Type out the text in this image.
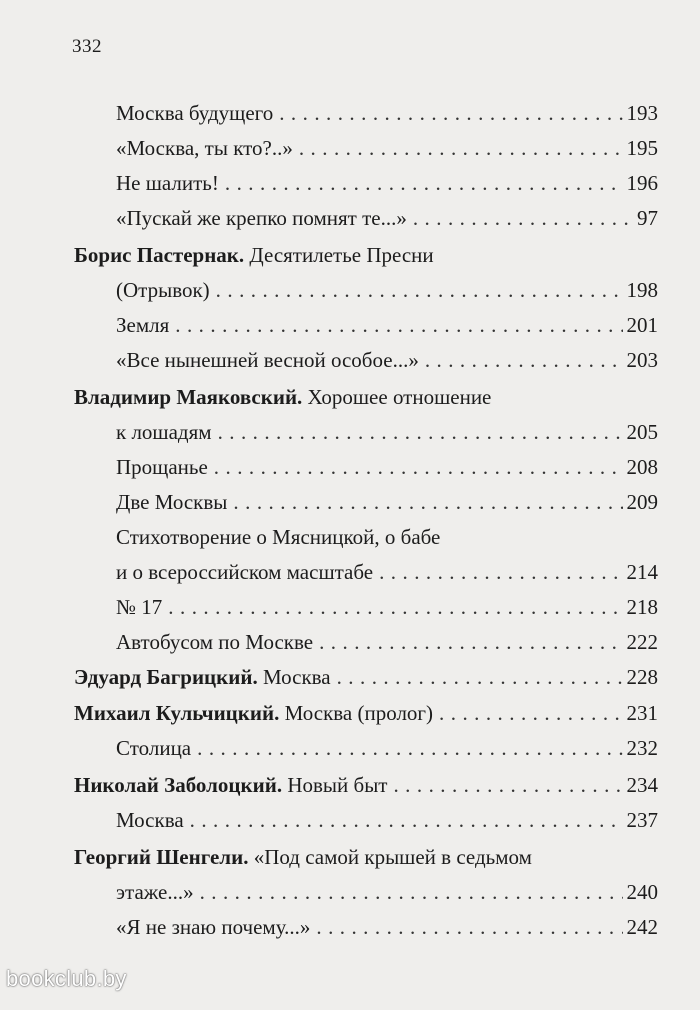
332
Москва будущего . . .	193
«Москва, ты кто?..» . . .	195
Не шалить! . . .	196
«Пускай же крепко помнят те...» . . .	97
Борис Пастернак.
Десятилетье Пресни
(Отрывок) . . .	198
Земля . . .	201
«Все нынешней весной особое...» . . .	203
Владимир Маяковский.
Хорошее отношение
к лошадям . . .	205
Прощанье . . .	208
Две Москвы . . .	209
Стихотворение о Мясницкой, о бабе
и о всероссийском масштабе . . .	214
№ 17 . . .	218
Автобусом по Москве . . .	222
Эдуард Багрицкий.
Москва . . .	228
Михаил Кульчицкий.
Москва (пролог) . . .	231
Столица . . .	232
Николай Заболоцкий.
Новый быт . . .	234
Москва . . .	237
Георгий Шенгели.
«Под самой крышей в седьмом
этаже...» . . .	240
«Я не знаю почему...» . . .	242
bookclub.by
